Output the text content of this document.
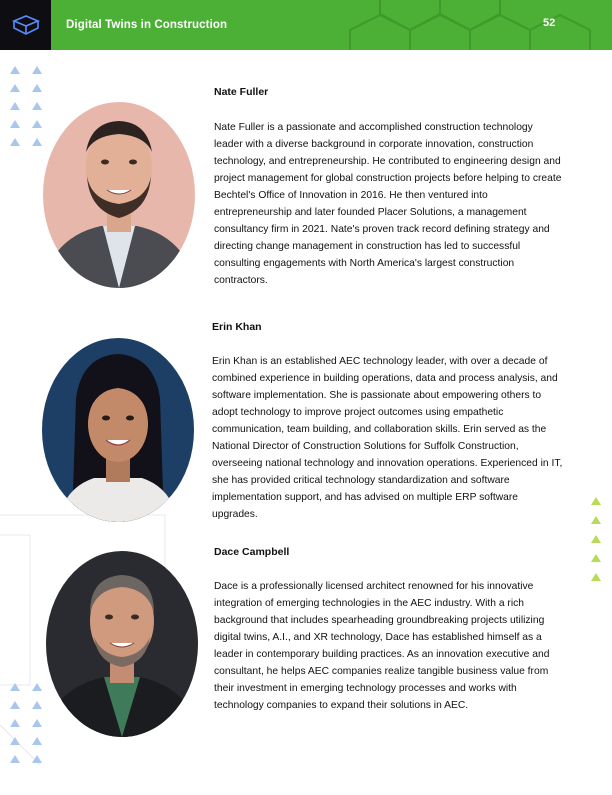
Digital Twins in Construction	52
Nate Fuller

Nate Fuller is a passionate and accomplished construction technology leader with a diverse background in corporate innovation, construction technology, and entrepreneurship. He contributed to engineering design and project management for global construction projects before helping to create Bechtel's Office of Innovation in 2016. He then ventured into entrepreneurship and later founded Placer Solutions, a management consultancy firm in 2021. Nate's proven track record defining strategy and directing change management in construction has led to successful consulting engagements with North America's largest construction contractors.

Erin Khan

Erin Khan is an established AEC technology leader, with over a decade of combined experience in building operations, data and process analysis, and software implementation. She is passionate about empowering others to adopt technology to improve project outcomes using empathetic communication, team building, and collaboration skills. Erin served as the National Director of Construction Solutions for Suffolk Construction, overseeing national technology and innovation operations. Experienced in IT, she has provided critical technology standardization and software implementation support, and has advised on multiple ERP software upgrades.

Dace Campbell

Dace is a professionally licensed architect renowned for his innovative integration of emerging technologies in the AEC industry. With a rich background that includes spearheading groundbreaking projects utilizing digital twins, A.I., and XR technology, Dace has established himself as a leader in contemporary building practices. As an innovation executive and consultant, he helps AEC companies realize tangible business value from their investment in emerging technology processes and works with technology companies to expand their solutions in AEC.
